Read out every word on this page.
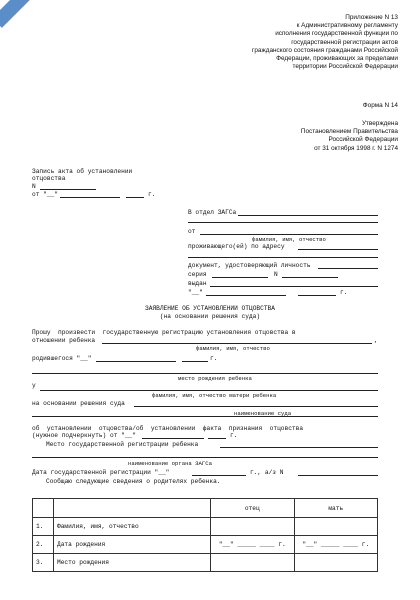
Приложение N 13
к Административному регламенту
исполнения государственной функции по
государственной регистрации актов
гражданского состояния гражданами Российской
Федерации, проживающих за пределами
территории Российской Федерации
Форма N 14
Утверждена
Постановлением Правительства
Российской Федерации
от 31 октября 1998 г. N 1274
Запись акта об установлении
отцовства
N
от "__"	г.
В отдел ЗАГСа
от
фамилия, имя, отчество
проживающего(ей) по адресу
документ, удостоверяющий личность
серия	N
выдан
"__"	г.
ЗАЯВЛЕНИЕ ОБ УСТАНОВЛЕНИИ ОТЦОВСТВА
(на основании решения суда)
Прошу  произвести  государственную регистрацию установления отцовства в
отношении ребенка	,
фамилия, имя, отчество
родившегося "__"	г.
место рождения ребенка
у
фамилия, имя, отчество матери ребенка
на основании решения суда
наименование суда
об  установлении  отцовства/об  установлении  факта  признания  отцовства
(нужное подчеркнуть) от "__"	г.
Место государственной регистрации ребенка
наименование органа ЗАГСа
Дата государственной регистрации "__"	г., а/з N
Сообщаю следующие сведения о родителях ребенка.
		отец	мать
1.	Фамилия, имя, отчество		
2.	Дата рождения	"__" _____ ____ г.	"__" _____ ____ г.
3.	Место рождения		
